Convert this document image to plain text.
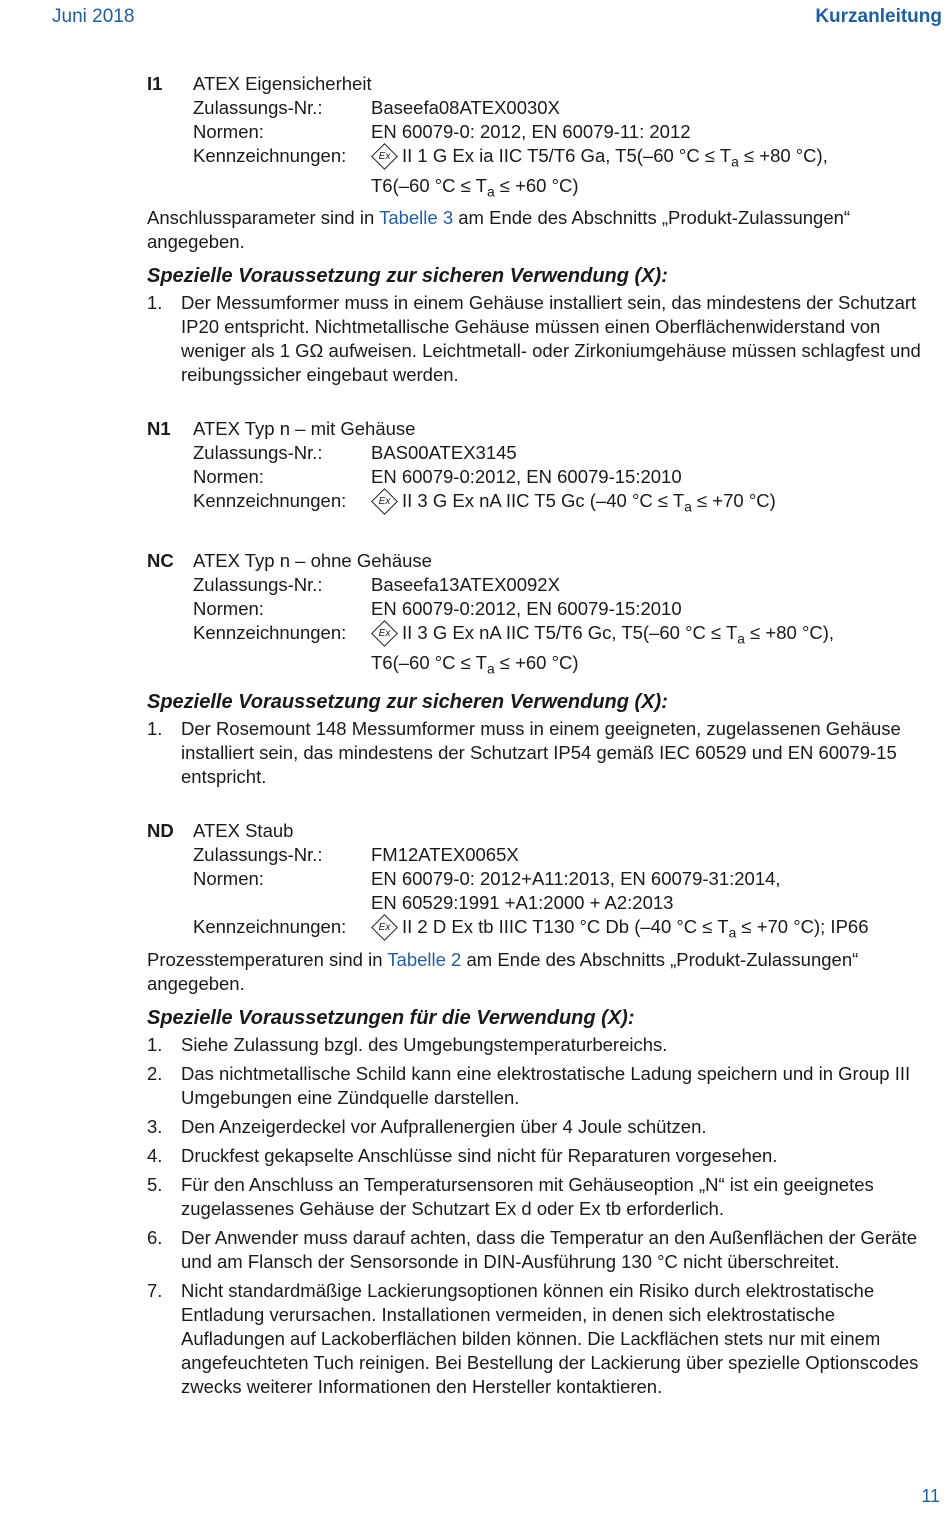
Juni 2018	Kurzanleitung
I1 ATEX Eigensicherheit
Zulassungs-Nr.:	Baseefa08ATEX0030X
Normen:	EN 60079-0: 2012, EN 60079-11: 2012
Kennzeichnungen:	Ex II 1 G Ex ia IIC T5/T6 Ga, T5(–60 $^\circ C \le T_a \le +80$ °C),
T6(–60 $^\circ C \le T_a \le +60$ °C)
Anschlussparameter sind in Tabelle 3 am Ende des Abschnitts „Produkt-Zulassungen“ angegeben.
Spezielle Voraussetzung zur sicheren Verwendung (X):
1. Der Messumformer muss in einem Gehäuse installiert sein, das mindestens der Schutzart IP20 entspricht. Nichtmetallische Gehäuse müssen einen Oberflächenwiderstand von weniger als 1 GΩ aufweisen. Leichtmetall- oder Zirkoniumgehäuse müssen schlagfest und reibungssicher eingebaut werden.
N1 ATEX Typ n – mit Gehäuse
Zulassungs-Nr.:	BAS00ATEX3145
Normen:	EN 60079-0:2012, EN 60079-15:2010
Kennzeichnungen:	Ex II 3 G Ex nA IIC T5 Gc (–40 $^\circ C \le T_a \le +70$ °C)
NC ATEX Typ n – ohne Gehäuse
Zulassungs-Nr.:	Baseefa13ATEX0092X
Normen:	EN 60079-0:2012, EN 60079-15:2010
Kennzeichnungen:	Ex II 3 G Ex nA IIC T5/T6 Gc, T5(–60 $^\circ C \le T_a \le +80$ °C),
T6(–60 $^\circ C \le T_a \le +60$ °C)
Spezielle Voraussetzung zur sicheren Verwendung (X):
1. Der Rosemount 148 Messumformer muss in einem geeigneten, zugelassenen Gehäuse installiert sein, das mindestens der Schutzart IP54 gemäß IEC 60529 und EN 60079-15 entspricht.
ND ATEX Staub
Zulassungs-Nr.:	FM12ATEX0065X
Normen:	EN 60079-0: 2012+A11:2013, EN 60079-31:2014,
EN 60529:1991 +A1:2000 + A2:2013
Kennzeichnungen:	Ex II 2 D Ex tb IIIC T130 °C Db (–40 $^\circ C \le T_a \le +70$ °C); IP66
Prozesstemperaturen sind in Tabelle 2 am Ende des Abschnitts „Produkt-Zulassungen“ angegeben.
Spezielle Voraussetzungen für die Verwendung (X):
1. Siehe Zulassung bzgl. des Umgebungstemperaturbereichs.
2. Das nichtmetallische Schild kann eine elektrostatische Ladung speichern und in Group III Umgebungen eine Zündquelle darstellen.
3. Den Anzeigerdeckel vor Aufprallenergien über 4 Joule schützen.
4. Druckfest gekapselte Anschlüsse sind nicht für Reparaturen vorgesehen.
5. Für den Anschluss an Temperatursensoren mit Gehäuseoption „N“ ist ein geeignetes zugelassenes Gehäuse der Schutzart Ex d oder Ex tb erforderlich.
6. Der Anwender muss darauf achten, dass die Temperatur an den Außenflächen der Geräte und am Flansch der Sensorsonde in DIN-Ausführung 130 °C nicht überschreitet.
7. Nicht standardmäßige Lackierungsoptionen können ein Risiko durch elektrostatische Entladung verursachen. Installationen vermeiden, in denen sich elektrostatische Aufladungen auf Lackoberflächen bilden können. Die Lackflächen stets nur mit einem angefeuchteten Tuch reinigen. Bei Bestellung der Lackierung über spezielle Optionscodes zwecks weiterer Informationen den Hersteller kontaktieren.
11
